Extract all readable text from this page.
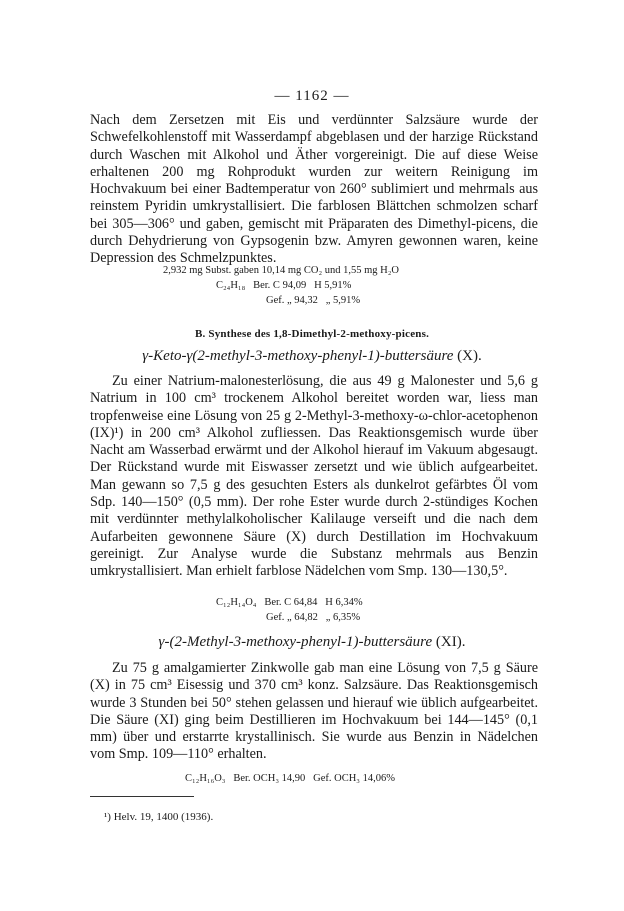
— 1162 —

Nach dem Zersetzen mit Eis und verdünnter Salzsäure wurde der Schwefelkohlenstoff mit Wasserdampf abgeblasen und der harzige Rückstand durch Waschen mit Alkohol und Äther vorgereinigt. Die auf diese Weise erhaltenen 200 mg Rohprodukt wurden zur weitern Reinigung im Hochvakuum bei einer Badtemperatur von 260° sublimiert und mehrmals aus reinstem Pyridin umkrystallisiert. Die farblosen Blättchen schmolzen scharf bei 305—306° und gaben, gemischt mit Präparaten des Dimethyl-picens, die durch Dehydrierung von Gypsogenin bzw. Amyren gewonnen waren, keine Depression des Schmelzpunktes.

2,932 mg Subst. gaben 10,14 mg CO₂ und 1,55 mg H₂O
C₂₄H₁₈   Ber. C 94,09   H 5,91%
Gef. „ 94,32   „ 5,91%
B. Synthese des 1,8-Dimethyl-2-methoxy-picens.
γ-Keto-γ(2-methyl-3-methoxy-phenyl-1)-buttersäure (X).

Zu einer Natrium-malonesterlösung, die aus 49 g Malonester und 5,6 g Natrium in 100 cm³ trockenem Alkohol bereitet worden war, liess man tropfenweise eine Lösung von 25 g 2-Methyl-3-methoxy-ω-chlor-acetophenon (IX)¹) in 200 cm³ Alkohol zufliessen. Das Reaktionsgemisch wurde über Nacht am Wasserbad erwärmt und der Alkohol hierauf im Vakuum abgesaugt. Der Rückstand wurde mit Eiswasser zersetzt und wie üblich aufgearbeitet. Man gewann so 7,5 g des gesuchten Esters als dunkelrot gefärbtes Öl vom Sdp. 140—150° (0,5 mm). Der rohe Ester wurde durch 2-stündiges Kochen mit verdünnter methylalkoholischer Kalilauge verseift und die nach dem Aufarbeiten gewonnene Säure (X) durch Destillation im Hochvakuum gereinigt. Zur Analyse wurde die Substanz mehrmals aus Benzin umkrystallisiert. Man erhielt farblose Nädelchen vom Smp. 130—130,5°.

C₁₂H₁₄O₄   Ber. C 64,84   H 6,34%
Gef. „ 64,82   „ 6,35%
γ-(2-Methyl-3-methoxy-phenyl-1)-buttersäure (XI).

Zu 75 g amalgamierter Zinkwolle gab man eine Lösung von 7,5 g Säure (X) in 75 cm³ Eisessig und 370 cm³ konz. Salzsäure. Das Reaktionsgemisch wurde 3 Stunden bei 50° stehen gelassen und hierauf wie üblich aufgearbeitet. Die Säure (XI) ging beim Destillieren im Hochvakuum bei 144—145° (0,1 mm) über und erstarrte krystallinisch. Sie wurde aus Benzin in Nädelchen vom Smp. 109—110° erhalten.

C₁₂H₁₆O₃   Ber. OCH₃ 14,90   Gef. OCH₃ 14,06%
¹) Helv. 19, 1400 (1936).
